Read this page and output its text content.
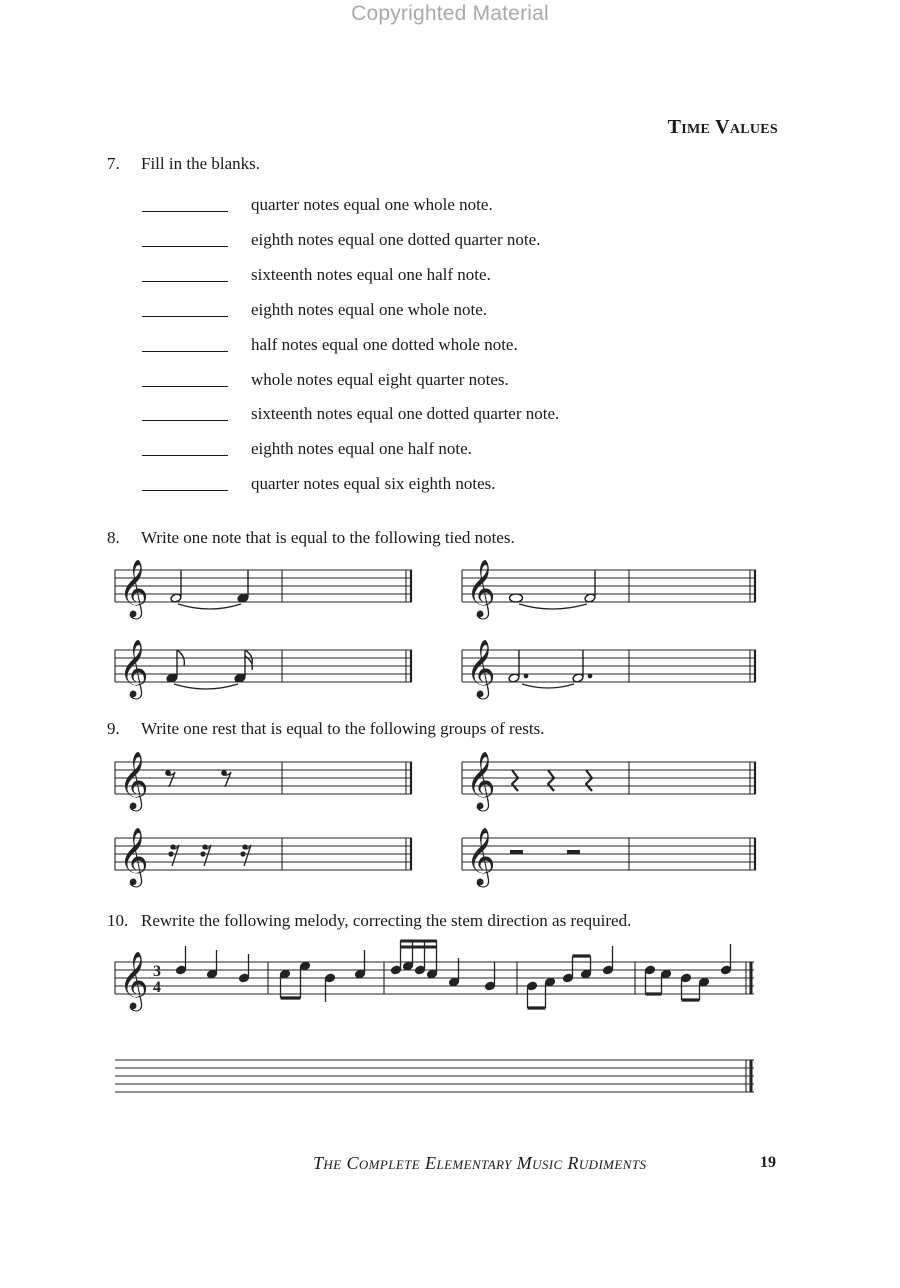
Copyrighted Material
Time Values
7. Fill in the blanks.
quarter notes equal one whole note.
eighth notes equal one dotted quarter note.
sixteenth notes equal one half note.
eighth notes equal one whole note.
half notes equal one dotted whole note.
whole notes equal eight quarter notes.
sixteenth notes equal one dotted quarter note.
eighth notes equal one half note.
quarter notes equal six eighth notes.
8. Write one note that is equal to the following tied notes.
9. Write one rest that is equal to the following groups of rests.
10. Rewrite the following melody, correcting the stem direction as required.
𝄞	𝄞
𝄞	𝄞
𝄞	𝄞
𝄞	𝄞
𝄞 3
4
The Complete Elementary Music Rudiments	19
